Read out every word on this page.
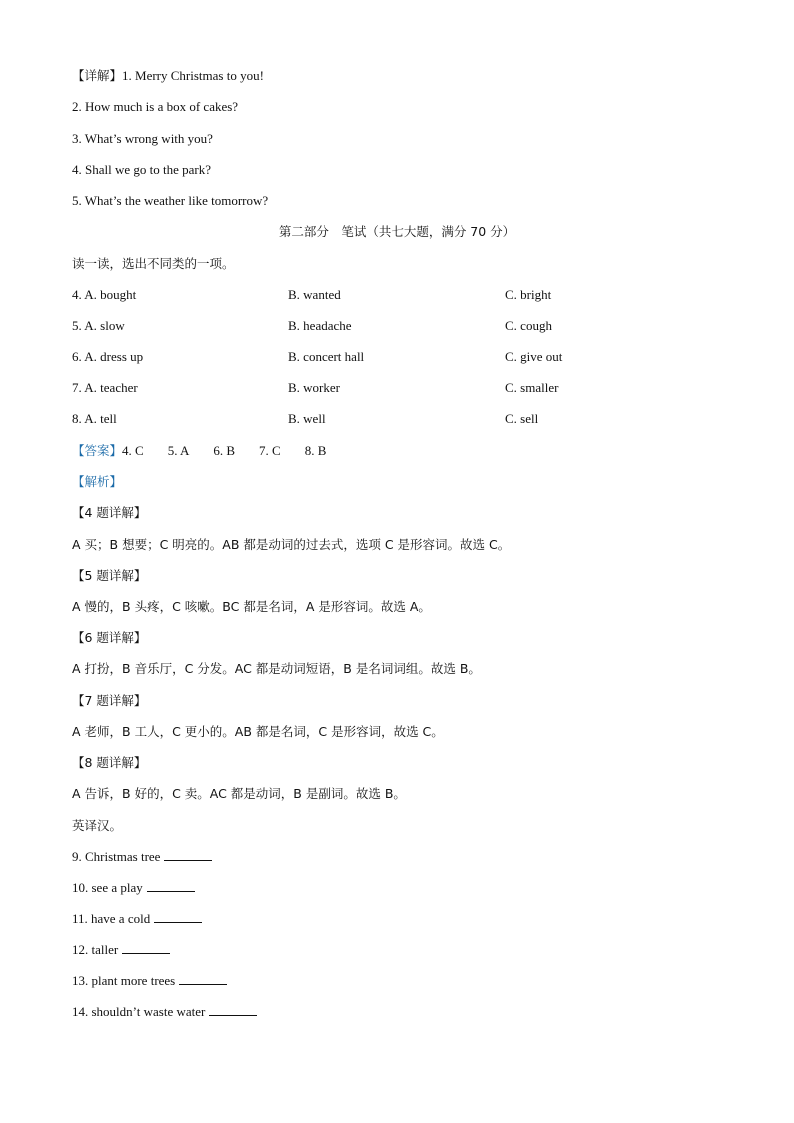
【详解】1. Merry Christmas to you!
2. How much is a box of cakes?
3. What’s wrong with you?
4. Shall we go to the park?
5. What’s the weather like tomorrow?
第二部分　笔试（共七大题，满分 70 分）
读一读，选出不同类的一项。
4. A. bought	B. wanted	C. bright
5. A. slow	B. headache	C. cough
6. A. dress up	B. concert hall	C. give out
7. A. teacher	B. worker	C. smaller
8. A. tell	B. well	C. sell
【答案】4. C 5. A 6. B 7. C 8. B
【解析】
【4 题详解】
A 买；B 想要；C 明亮的。AB 都是动词的过去式，选项 C 是形容词。故选 C。
【5 题详解】
A 慢的，B 头疼，C 咳嗽。BC 都是名词，A 是形容词。故选 A。
【6 题详解】
A 打扮，B 音乐厅，C 分发。AC 都是动词短语，B 是名词词组。故选 B。
【7 题详解】
A 老师，B 工人，C 更小的。AB 都是名词，C 是形容词，故选 C。
【8 题详解】
A 告诉，B 好的，C 卖。AC 都是动词，B 是副词。故选 B。
英译汉。
9. Christmas tree
10. see a play
11. have a cold
12. taller
13. plant more trees
14. shouldn’t waste water
